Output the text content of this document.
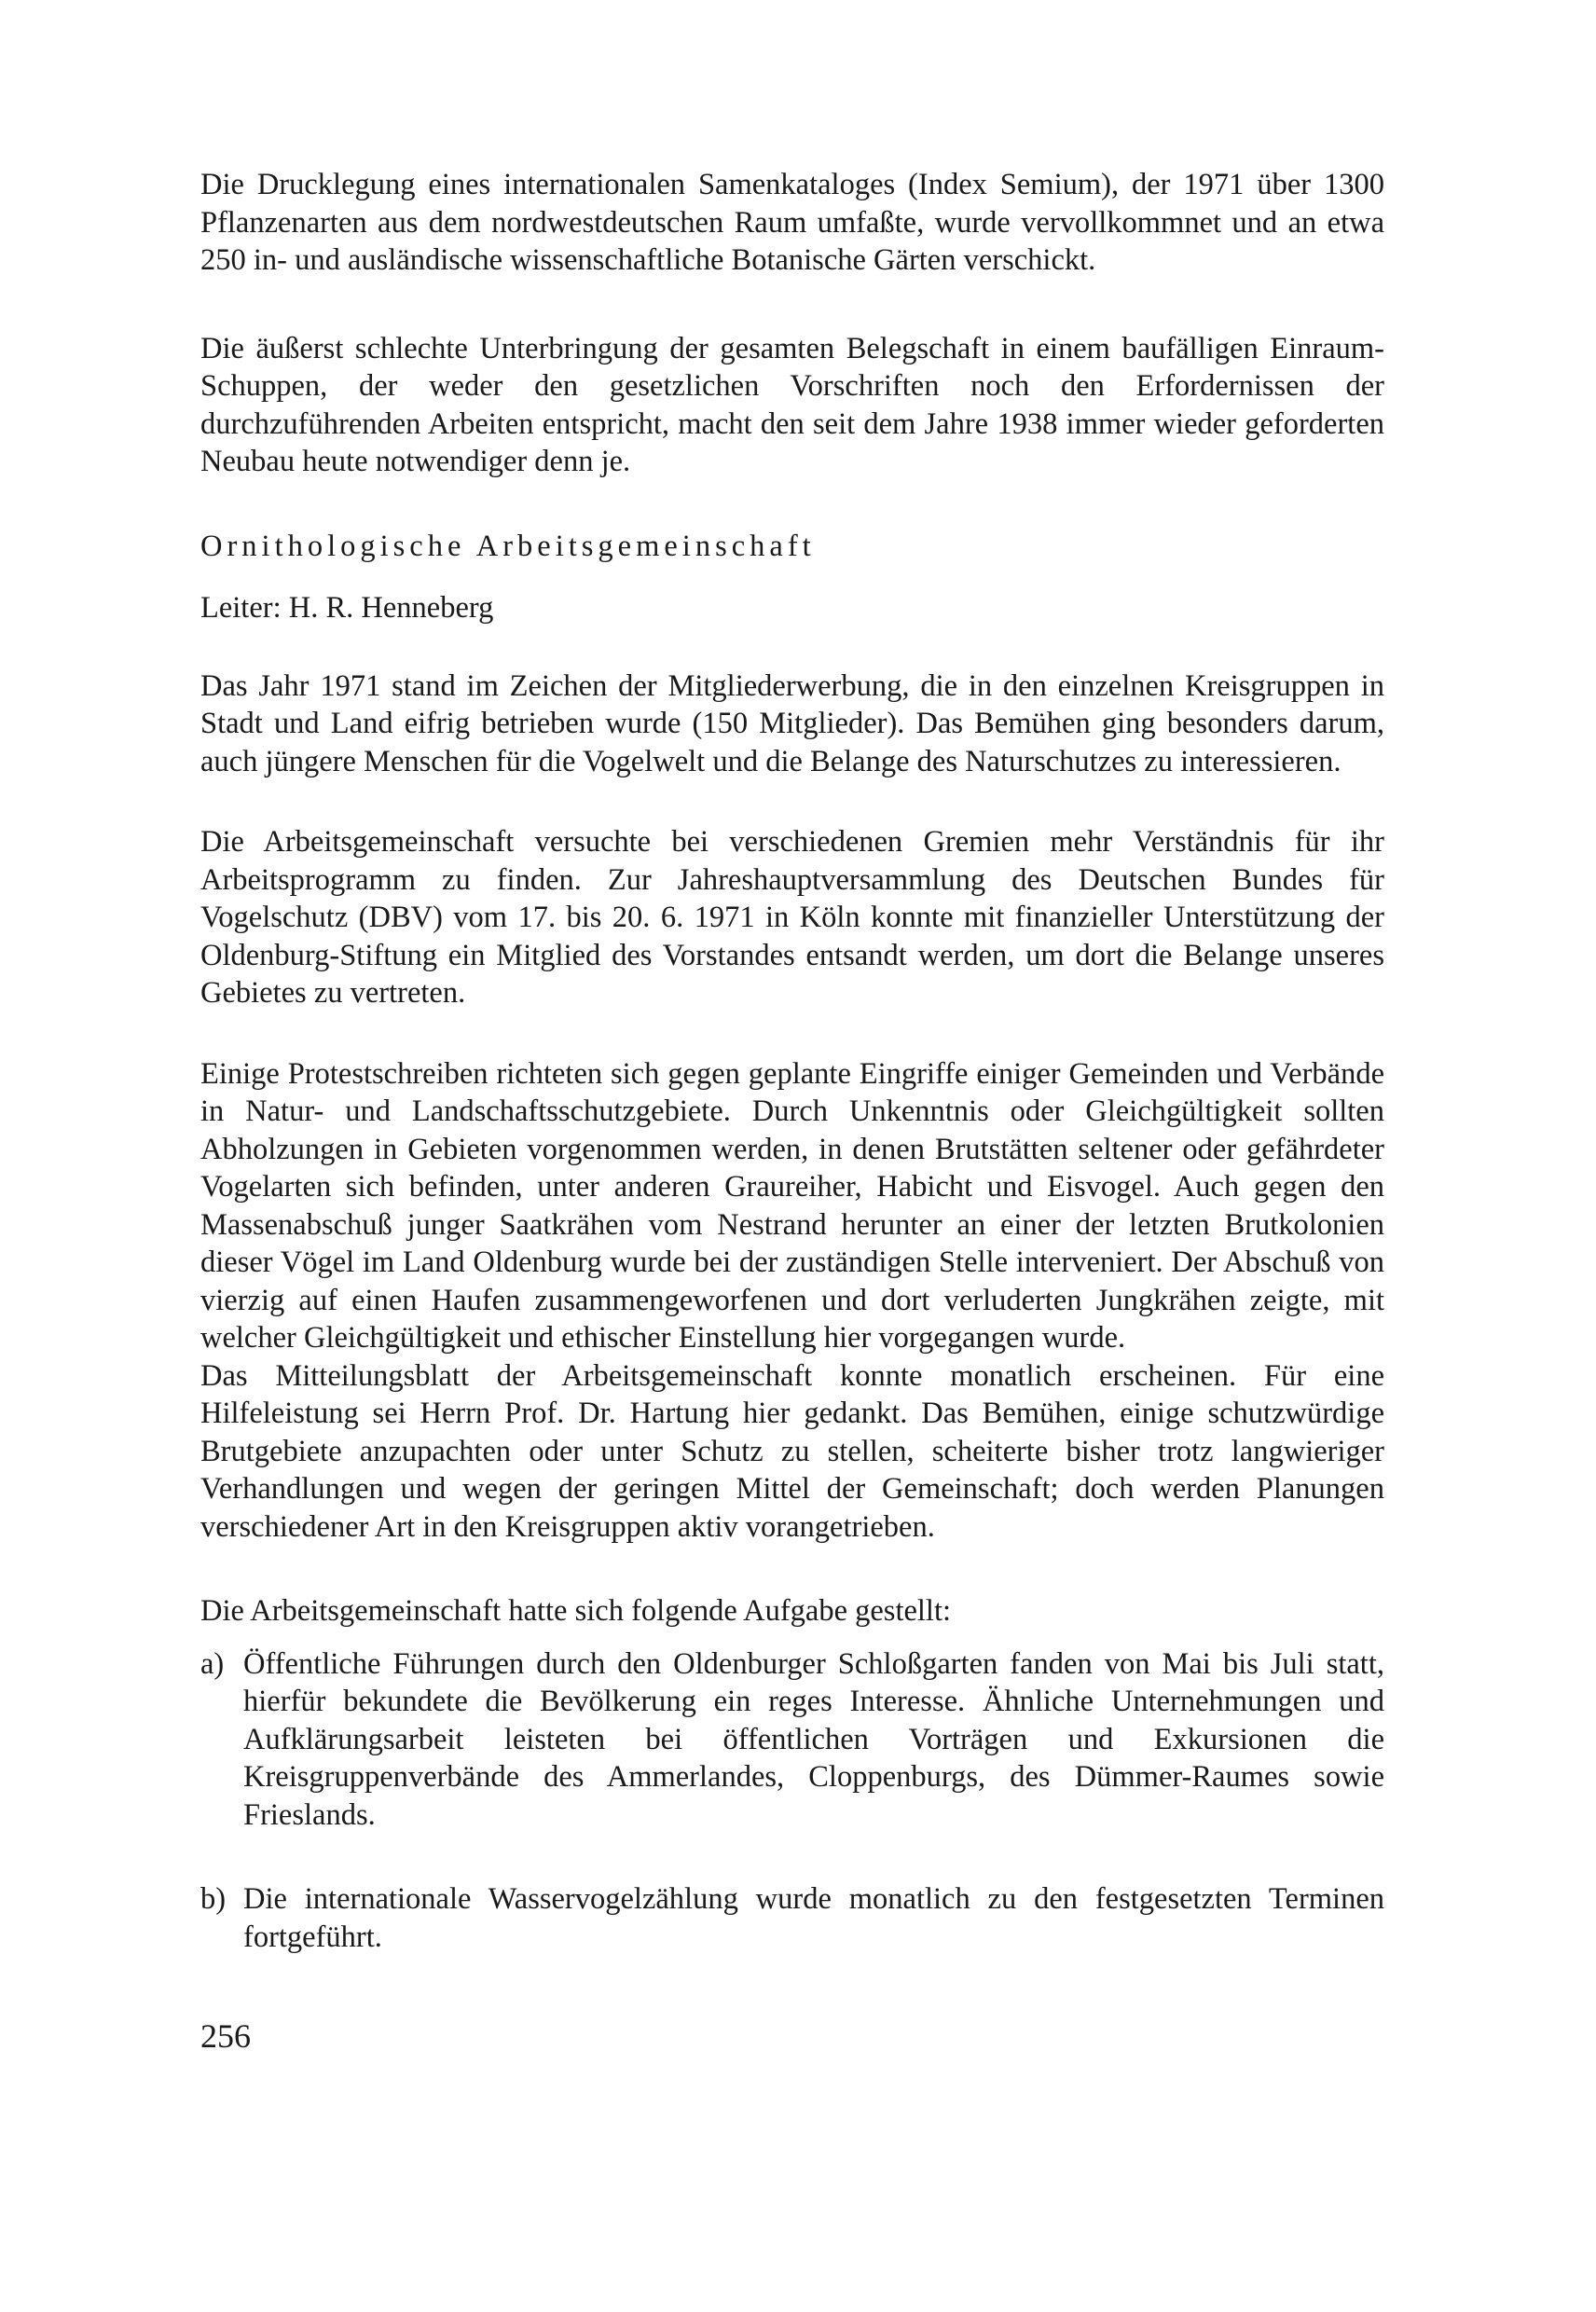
Die Drucklegung eines internationalen Samenkataloges (Index Semium), der 1971 über 1300 Pflanzenarten aus dem nordwestdeutschen Raum umfaßte, wurde vervollkommnet und an etwa 250 in- und ausländische wissenschaftliche Botanische Gärten verschickt.

Die äußerst schlechte Unterbringung der gesamten Belegschaft in einem baufälligen Einraum-Schuppen, der weder den gesetzlichen Vorschriften noch den Erfordernissen der durchzuführenden Arbeiten entspricht, macht den seit dem Jahre 1938 immer wieder geforderten Neubau heute notwendiger denn je.

Ornithologische Arbeitsgemeinschaft
Leiter: H. R. Henneberg

Das Jahr 1971 stand im Zeichen der Mitgliederwerbung, die in den einzelnen Kreisgruppen in Stadt und Land eifrig betrieben wurde (150 Mitglieder). Das Bemühen ging besonders darum, auch jüngere Menschen für die Vogelwelt und die Belange des Naturschutzes zu interessieren.

Die Arbeitsgemeinschaft versuchte bei verschiedenen Gremien mehr Verständnis für ihr Arbeitsprogramm zu finden. Zur Jahreshauptversammlung des Deutschen Bundes für Vogelschutz (DBV) vom 17. bis 20. 6. 1971 in Köln konnte mit finanzieller Unterstützung der Oldenburg-Stiftung ein Mitglied des Vorstandes entsandt werden, um dort die Belange unseres Gebietes zu vertreten.

Einige Protestschreiben richteten sich gegen geplante Eingriffe einiger Gemeinden und Verbände in Natur- und Landschaftsschutzgebiete. Durch Unkenntnis oder Gleichgültigkeit sollten Abholzungen in Gebieten vorgenommen werden, in denen Brutstätten seltener oder gefährdeter Vogelarten sich befinden, unter anderen Graureiher, Habicht und Eisvogel. Auch gegen den Massenabschuß junger Saatkrähen vom Nestrand herunter an einer der letzten Brutkolonien dieser Vögel im Land Oldenburg wurde bei der zuständigen Stelle interveniert. Der Abschuß von vierzig auf einen Haufen zusammengeworfenen und dort verluderten Jungkrähen zeigte, mit welcher Gleichgültigkeit und ethischer Einstellung hier vorgegangen wurde.

Das Mitteilungsblatt der Arbeitsgemeinschaft konnte monatlich erscheinen. Für eine Hilfeleistung sei Herrn Prof. Dr. Hartung hier gedankt. Das Bemühen, einige schutzwürdige Brutgebiete anzupachten oder unter Schutz zu stellen, scheiterte bisher trotz langwieriger Verhandlungen und wegen der geringen Mittel der Gemeinschaft; doch werden Planungen verschiedener Art in den Kreisgruppen aktiv vorangetrieben.

Die Arbeitsgemeinschaft hatte sich folgende Aufgabe gestellt:

a) Öffentliche Führungen durch den Oldenburger Schloßgarten fanden von Mai bis Juli statt, hierfür bekundete die Bevölkerung ein reges Interesse. Ähnliche Unternehmungen und Aufklärungsarbeit leisteten bei öffentlichen Vorträgen und Exkursionen die Kreisgruppenverbände des Ammerlandes, Cloppenburgs, des Dümmer-Raumes sowie Frieslands.
b) Die internationale Wasservogelzählung wurde monatlich zu den festgesetzten Terminen fortgeführt.
256
